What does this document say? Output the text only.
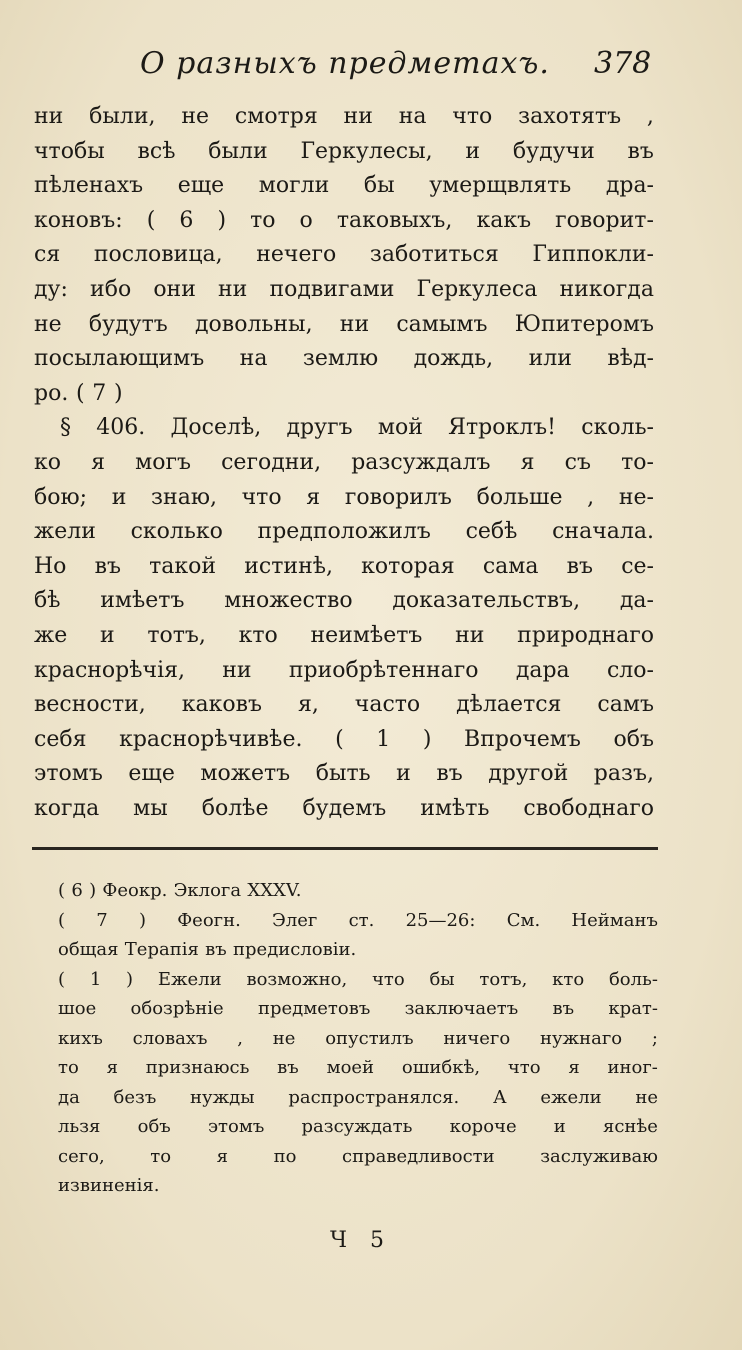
О разныхъ предметахъ. 378
ни были, не смотря ни на что захотятъ ,
чтобы всѣ были Геркулесы, и будучи въ
пѣленахъ еще могли бы умерщвлять дра-
коновъ: ( 6 ) то о таковыхъ, какъ говорит-
ся пословица, нечего заботиться Гиппокли-
ду: ибо они ни подвигами Геркулеса никогда
не будутъ довольны, ни самымъ Юпитеромъ
посылающимъ на землю дождь, или вѣд-
ро. ( 7 )
§ 406. Доселѣ, другъ мой Ятроклъ! сколь-
ко я могъ сегодни, разсуждалъ я съ то-
бою; и знаю, что я говорилъ больше , не-
жели сколько предположилъ себѣ сначала.
Но въ такой истинѣ, которая сама въ се-
бѣ имѣетъ множество доказательствъ, да-
же и тотъ, кто неимѣетъ ни природнаго
краснорѣчія, ни приобрѣтеннаго дара сло-
весности, каковъ я, часто дѣлается самъ
себя краснорѣчивѣе. ( 1 ) Впрочемъ объ
этомъ еще можетъ быть и въ другой разъ,
когда мы болѣе будемъ имѣть свободнаго
( 6 ) Феокр. Эклога XXXV.
( 7 ) Феогн. Элег ст. 25—26: См. Нейманъ
общая Терапія въ предисловіи.
( 1 ) Ежели возможно, что бы тотъ, кто боль-
шое обозрѣніе предметовъ заключаетъ въ крат-
кихъ словахъ , не опустилъ ничего нужнаго ;
то я признаюсь въ моей ошибкѣ, что я иног-
да безъ нужды распространялся. А ежели не
льзя объ этомъ разсуждать короче и яснѣе
сего,	то	я	по	справедливости	заслуживаю
извиненія.
Ч 5
